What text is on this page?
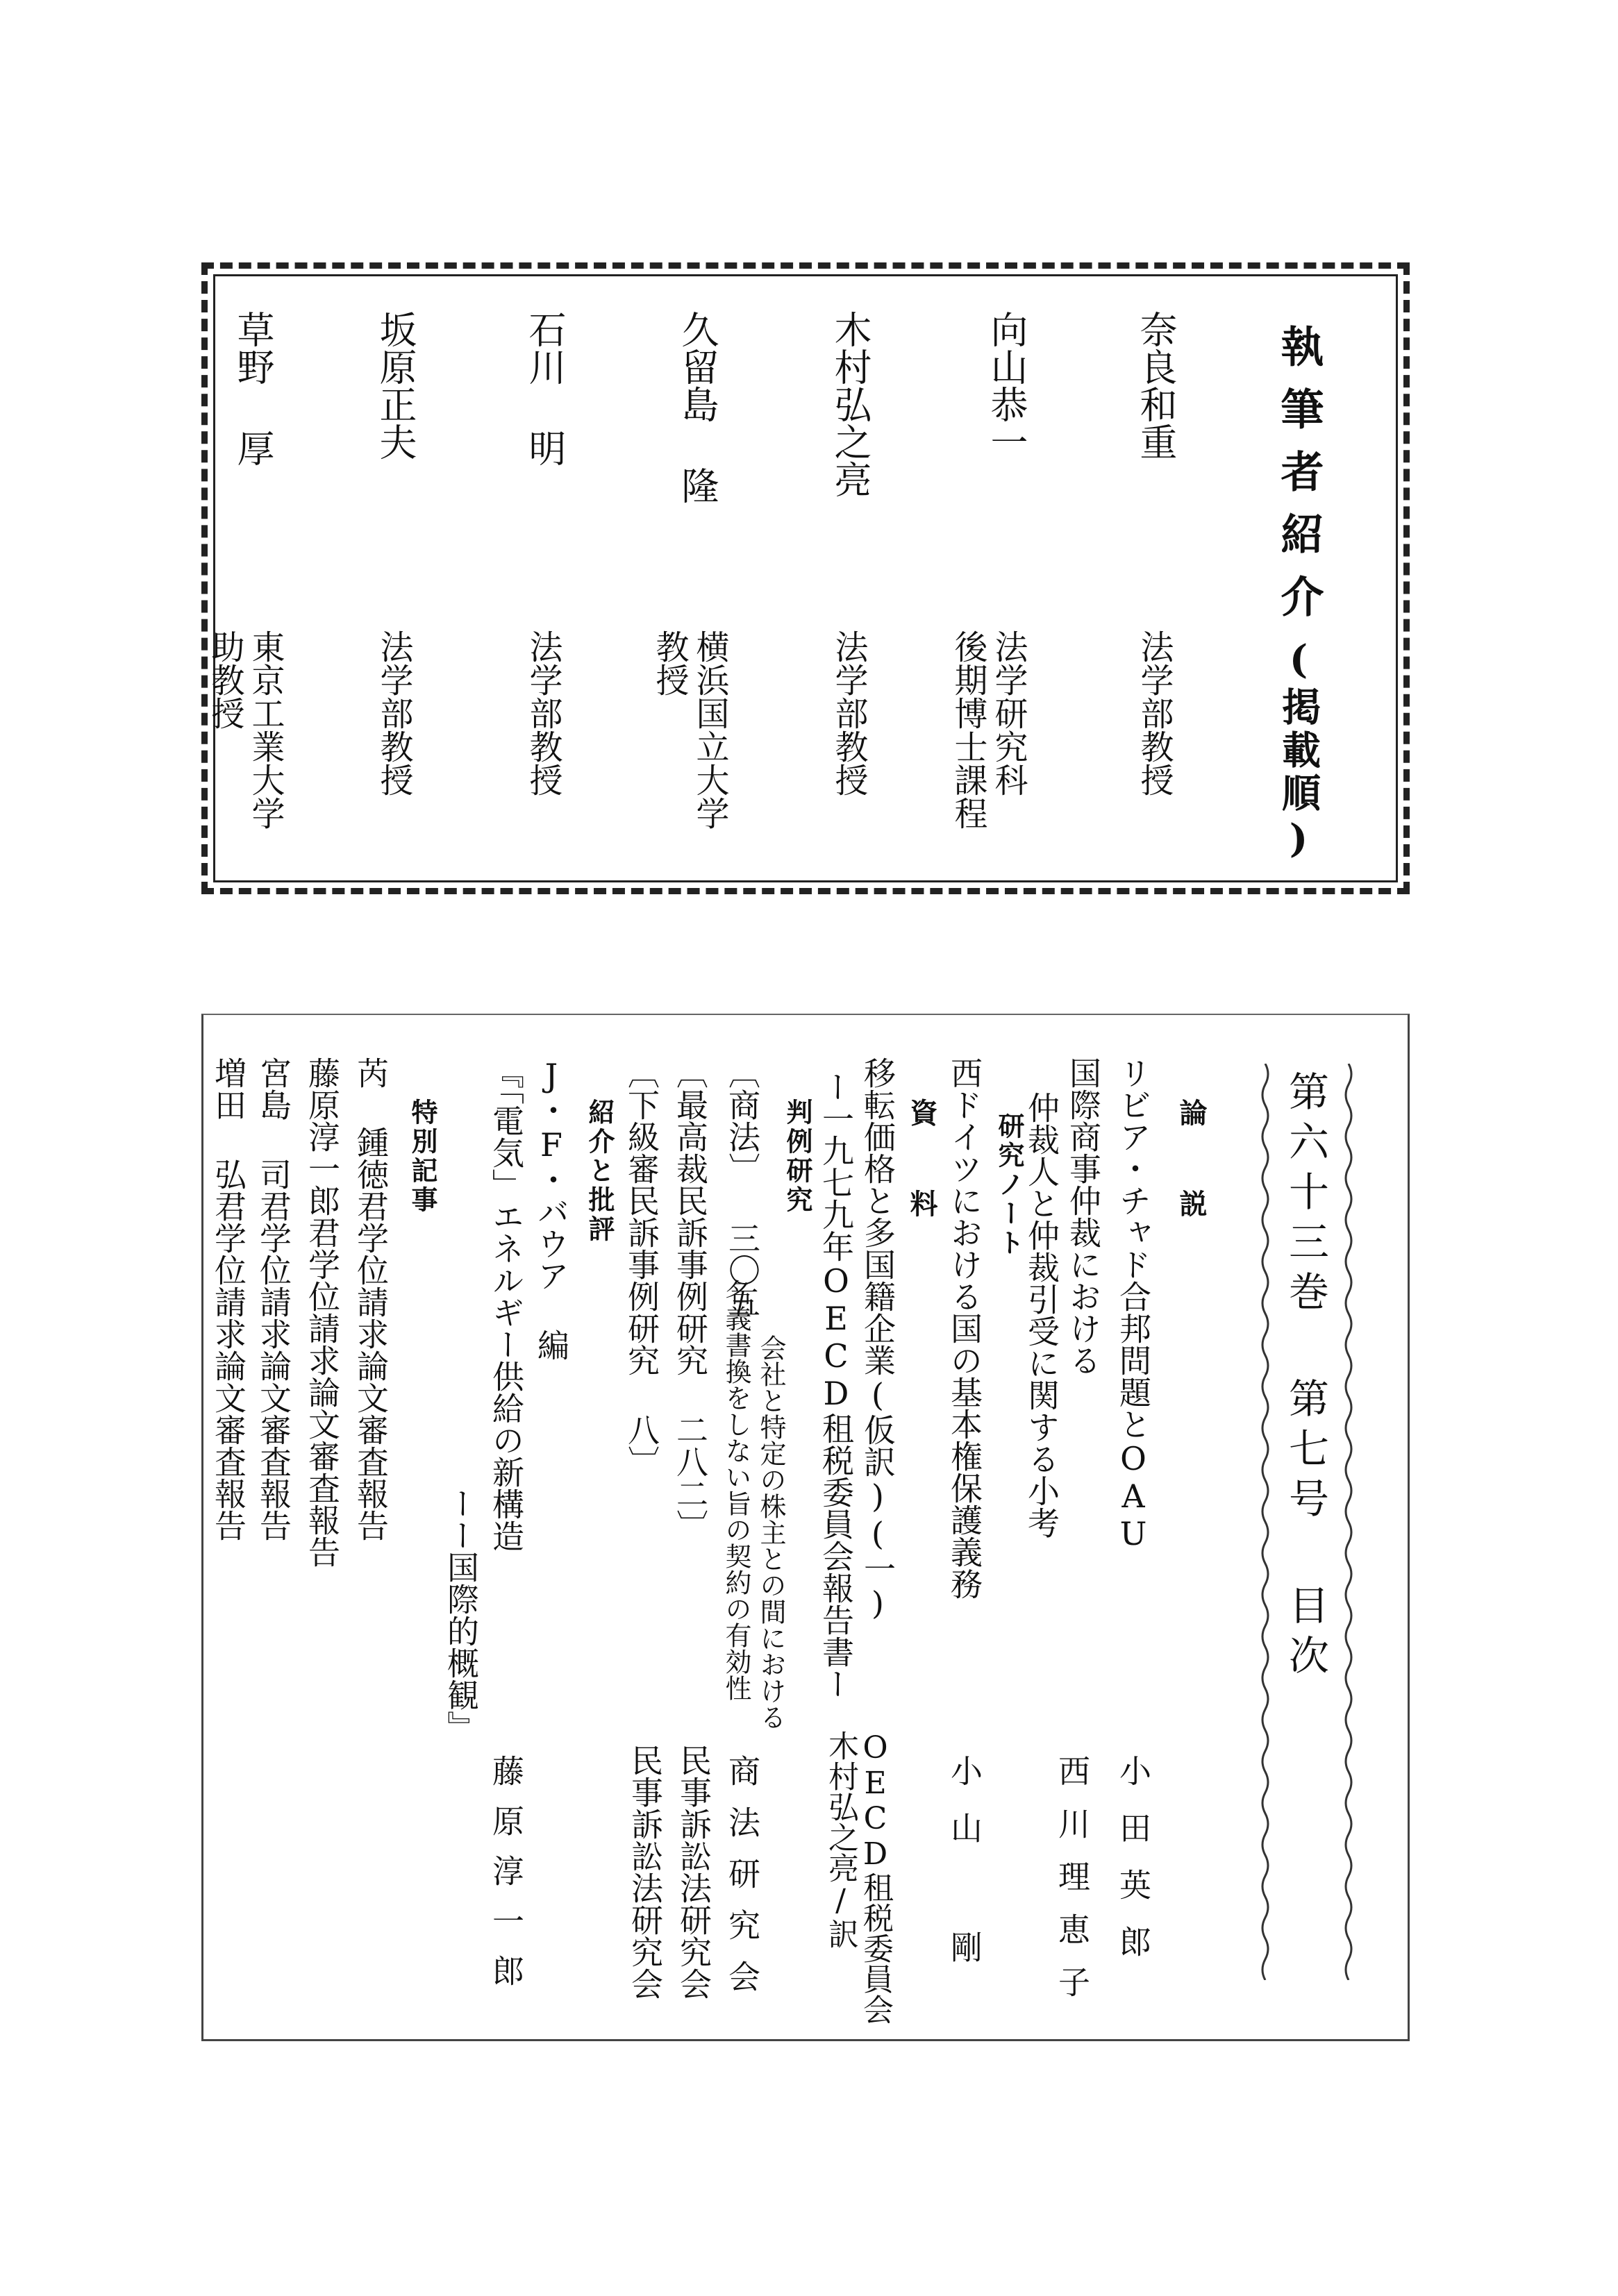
執筆者紹介(掲載順)
奈良和重
法学部教授
向山恭一
法学研究科
後期博士課程
木村弘之亮
法学部教授
久留島 隆
横浜国立大学
教授
石川 明
法学部教授
坂原正夫
法学部教授
草野 厚
東京工業大学
助教授
第六十三巻 第七号 目次
論 説
リビア・チャド合邦問題とOAU
小田英郎
国際商事仲裁における
仲裁人と仲裁引受に関する小考
西川理恵子
研究ノート
西ドイツにおける国の基本権保護義務
小山 剛
資 料
移転価格と多国籍企業(仮訳)(一)
ー一九七九年OECD租税委員会報告書ー
OECD租税委員会
木村弘之亮/訳
判例研究
〔商法〕 三〇五
会社と特定の株主との間における
名義書換をしない旨の契約の有効性
商法研究会
〔最高裁民訴事例研究 二八二〕
民事訴訟法研究会
〔下級審民訴事例研究 八〕
民事訴訟法研究会
紹介と批評
J・F・バウア 編
『「電気」エネルギー供給の新構造
ーー国際的概観』
藤原淳一郎
特別記事
芮 鍾徳君学位請求論文審査報告
藤原淳一郎君学位請求論文審査報告
宮島 司君学位請求論文審査報告
増田 弘君学位請求論文審査報告
